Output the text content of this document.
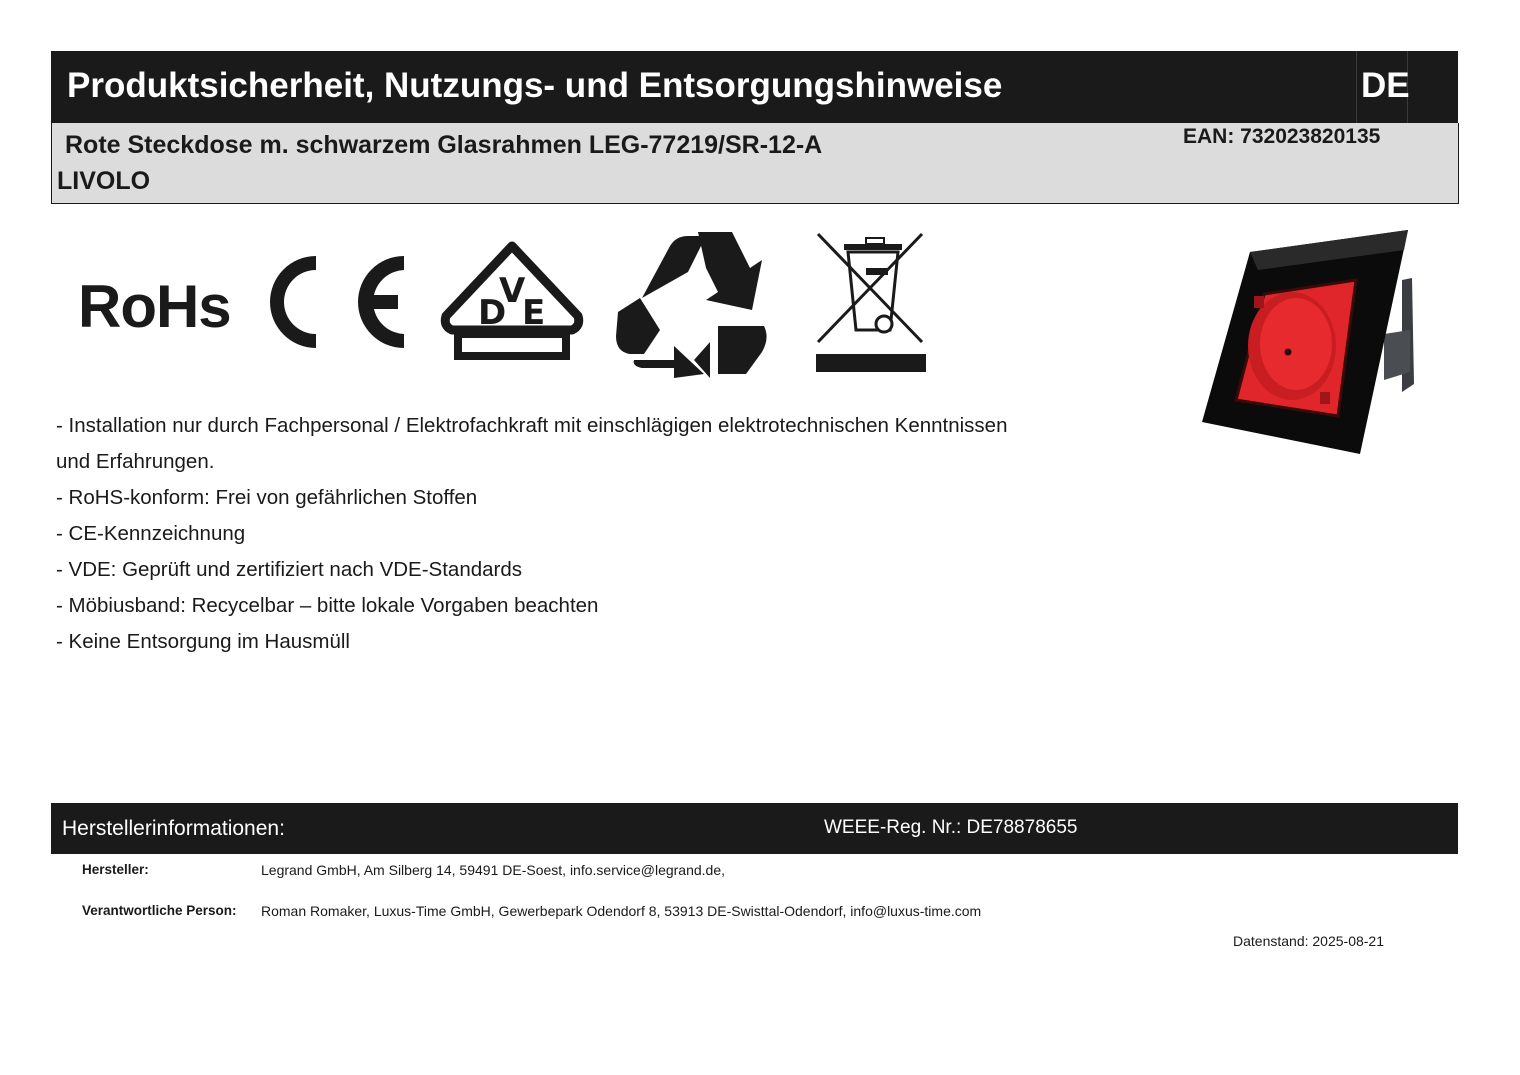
Produktsicherheit, Nutzungs- und Entsorgungshinweise	DE
Rote Steckdose m. schwarzem Glasrahmen LEG-77219/SR-12-A
LIVOLO
EAN: 732023820135
RoHs	D
V
E
- Installation nur durch Fachpersonal / Elektrofachkraft mit einschlägigen elektrotechnischen Kenntnissen
und Erfahrungen.
- RoHS-konform: Frei von gefährlichen Stoffen
- CE-Kennzeichnung
- VDE: Geprüft und zertifiziert nach VDE-Standards
- Möbiusband: Recycelbar – bitte lokale Vorgaben beachten
- Keine Entsorgung im Hausmüll
Herstellerinformationen:	WEEE-Reg. Nr.: DE78878655
Hersteller:	Legrand GmbH, Am Silberg 14, 59491 DE-Soest, info.service@legrand.de,
Verantwortliche Person: Roman Romaker, Luxus-Time GmbH, Gewerbepark Odendorf 8, 53913 DE-Swisttal-Odendorf, info@luxus-time.com
Datenstand: 2025-08-21
